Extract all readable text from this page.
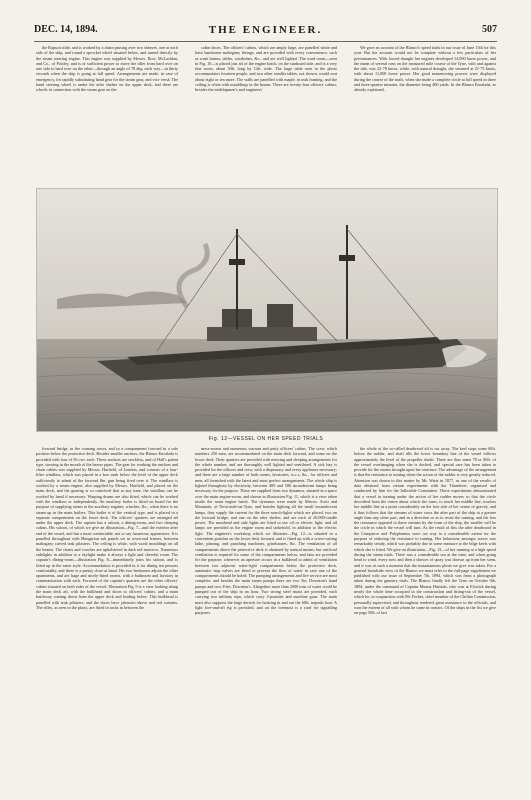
DEC. 14, 1894.	THE ENGINEER.	507

the Rapson slide, and is worked by a chain passing over two sheaves, one at each side of the ship, and round a sprocket wheel situated below, and turned directly by the steam steering engine. This engine was supplied by Messrs. Bow, McLachlan, and Co., of Paisley, and is of sufficient power to move the tiller from hard over on one side to hard over on the other—through an angle of 78 deg. each way—in thirty seconds when the ship is going at full speed. Arrangements are made, in case of emergency, for rapidly substituting hand gear for the steam gear, and vice versâ. The hand steering wheel is under the after shelter on the upper deck, and there are wheels in connection with the steam gear on the

cabin doors. The officers' cabins, which are amply large, are panelled white and have handsome mahogany fittings, and are provided with every convenience, such as wash basins, tables, wardrobes, &c., and are well lighted. The ward room—seen in Fig. 10—is placed just aft of the engine hatch, on the starboard side, and is a very fine room, about 30ft. long by 14ft. wide. The large table seen in the photo accommodates fourteen people, and two other smaller tables, not shown, would seat about eight or ten more. The walls are panelled with maple, in teak framing, and the ceiling is white with mouldings in the beams. There are twenty-four officers' cabins, besides the midshipmen's and engineers'

We gave an account of the Blanco's speed trials in our issue of June 15th for this year. But the account would not be complete without a few particulars of her performances. With forced draught her engines developed 14,000 horse power, and the mean of several runs on the measured mile course of the Tyne, with and against the tide, was 22·78 knots, while, with natural draught, she steamed at 21·75 knots, with about 11,000 horse power. Her good manœuvring powers were displayed during the course of the trials, when she made a complete circle at full speed in three and three-quarter minutes, the diameter being 400 yards. In the Blanco Encalada, as already explained,

Fig. 12—VESSEL ON HER SPEED TRIALS

forward bridge, in the conning tower, and in a compartment forward in a safe position below the protective deck. Besides smaller anchors, the Blanco Encalada is provided with four of 56 cwt. each. These anchors are stockless, and of Hall's patent type, stowing in the mouth of the hawse pipes. The gear for working the anchors and chain cables was supplied by Messrs. Harfield, of London, and consists of a four-lifter windlass, which was placed in a box sunk below the level of the upper deck sufficiently to admit of the forward 8in. gun being fired over it. The windlass is worked by a steam engine, also supplied by Messrs. Harfield, and placed on the main deck, and the gearing is so contrived that at any time, the windlass can be worked by hand if necessary. Warping drums are also fitted, which can be worked with the windlass or independently. An auxiliary boiler is fitted on board for the purpose of supplying steam to the auxiliary engines, winches, &c., when there is no steam up in the main boilers. This boiler is of the vertical type, and is placed in a separate compartment on the lower deck. The officers' quarters are arranged aft under the upper deck. The captain has a saloon, a dining-room, and two sleeping cabins. His saloon, of which we give an illustration—Fig. 7—and the exterior after end of the vessel, and has a most comfortable, not to say luxurious, appearance. It is panelled throughout with Hungarian ash panels set in rosewood frames, between mahogany carved teak pilasters. The ceiling is white, with wood mouldings on all the beams. The chairs and couches are upholstered in dark red morocco. Numerous sidelights in addition to a skylight make it always a light and cheerful room. The captain's dining-room—illustration Fig. 8—immediately joins his saloon, and is fitted up in the same style. Accommodation is provided in it for dining ten persons comfortably, and there is a pantry close at hand. His two bedrooms adjoin the other apartments, and are large and nicely-fitted rooms, with a bathroom and lavatory in communication with each. Forward of the captain's quarters are the other officers' cabins situated on both sides of the vessel. Illustration Fig. 9 is a view looking along the main deck aft, with the bulkhead and doors to officers' cabins, and a main hatchway coming down from the upper deck and leading below. This bulkhead is panelled with teak pilasters, and the doors have jalousies above and rod curtains. The rifles, as seen in the photo, are fitted in racks in between the

mess-rooms and numerous warrant and petty officers' cabins. The crew, which numbers 250 men, are accommodated on the main deck forward, and some on the lower deck. Their quarters are provided with messing and sleeping arrangements for the whole number, and are thoroughly well lighted and ventilated. A sick bay is provided for the officers and crew, with a dispensary and every appliance necessary; and there are a large number of bath rooms, lavatories, w.c.s, &c., for officers and men, all furnished with the latest and most perfect arrangements. The whole ship is lighted throughout by electricity, between 400 and 500 incandescent lamps being necessary for the purpose. These are supplied from two dynamos, situated in a space over the main engine-room, and shown in illustration Fig. 11, which is a view taken inside the main engine hatch. The dynamos were made by Messrs. Scott and Mountain, of Newcastle-on-Tyne, and besides lighting all the small incandescent lamps, they supply the current for the three search-lights which are placed, two on the forward bridge, and one on the after shelter, and are each of 20,000-candle power. The masthead and side lights are fitted to use oil or electric light, and oil lamps are provided in the engine room and stokehold, in addition to the electric light. The engineer's workshop which we illustrate—Fig. 12—is situated in a convenient position on the lower deck forward, and is fitted up with a screw-cutting lathe, planing, and punching machines, grindstones, &c. The ventilation of all compartments above the protective deck is obtained by natural means; but artificial ventilation is required for some of the compartments below, and fans are provided for the purpose; wherever an aperture occurs in a bulkhead to admit of ventilation between two adjacent water-tight compartments below the protective deck, automatic stop valves are fitted to prevent the flow of water in case one of the compartments should be holed. The pumping arrangements and fire service are most complete, and besides the main steam pumps there are two 5in. Downton's hand pumps and two 3½in. Downton's. Altogether more than 2000 tons of water could be pumped out of the ship in an hour. Two strong steel masts are provided, each carrying two military tops, which carry 3-pounder and machine guns. The main mast also supports the large derrick for hoisting in and out the 60ft. torpedo boat. A light fore-and-aft rig is provided, and on the foremast is a yard for signalling purposes.

the whole of the so-called deadwood aft is cut away. The keel stops some 60ft. before the rudder, and shaft tills the lower boundary line of the vessel follows approximately the level of the propeller shafts. There are thus some 70 or 80ft. of the vessel overhanging when she is docked, and special care has been taken to provide for the strains brought upon her structure. The advantage of the arrangement is that the resistance to turning when the action of the rudder is very greatly reduced. Attention was drawn to this matter by Mr. Watts in 1877, as one of the results of data obtained from certain experiments with the Thunderer, organised and conducted by him for the Inflexible Committee. These experiments demonstrated that a vessel in turning under the action of her rudder moves so that the circle described from the centre about which she turns, to touch her middle line, touches her middle line at a point considerably on the fore side of her centre of gravity, and it thus follows that the streams of water cross the after part of the ship at a greater angle than any other part, and in a direction so as to resist the turning, and the less the resistance opposed to these streams by the form of the ship, the smaller will be the circle in which the vessel will turn. As the result of this the after deadwood in the Conqueror and Polyphemus were cut way to a considerable extent for the purpose of reducing the resistance to turning. Her behaviour amongst waves was remarkably steady, which was probably due in some measure to the bilge keels with which she is fitted. We give an illustration—Fig. 13—of her running at a high speed during the steam trials. There was a considerable sea at the time, and when going head to wind, every now and then a shower of spray was thrown up from her stem, and it was at such a moment that the instantaneous photo we give was taken. For a general broadside view of the Blanco we must refer to the full-page supplement we published with our issue of September 7th, 1894, which was from a photograph taken during the gunnery trials. The Blanco finally left the Tyne on October 9th, 1894, under the command of Captain Munoz Hurtado, who was at Elswick during nearly the whole time occupied in the construction and fitting-out of the vessel, which he, in conjunction with Mr. Forbes, chief member of the Chilian Commission, personally supervised, and throughout rendered great assistance to the officials, and won the esteem of all with whom he came in contact. Of the ships in the list we give on page 506, of last
